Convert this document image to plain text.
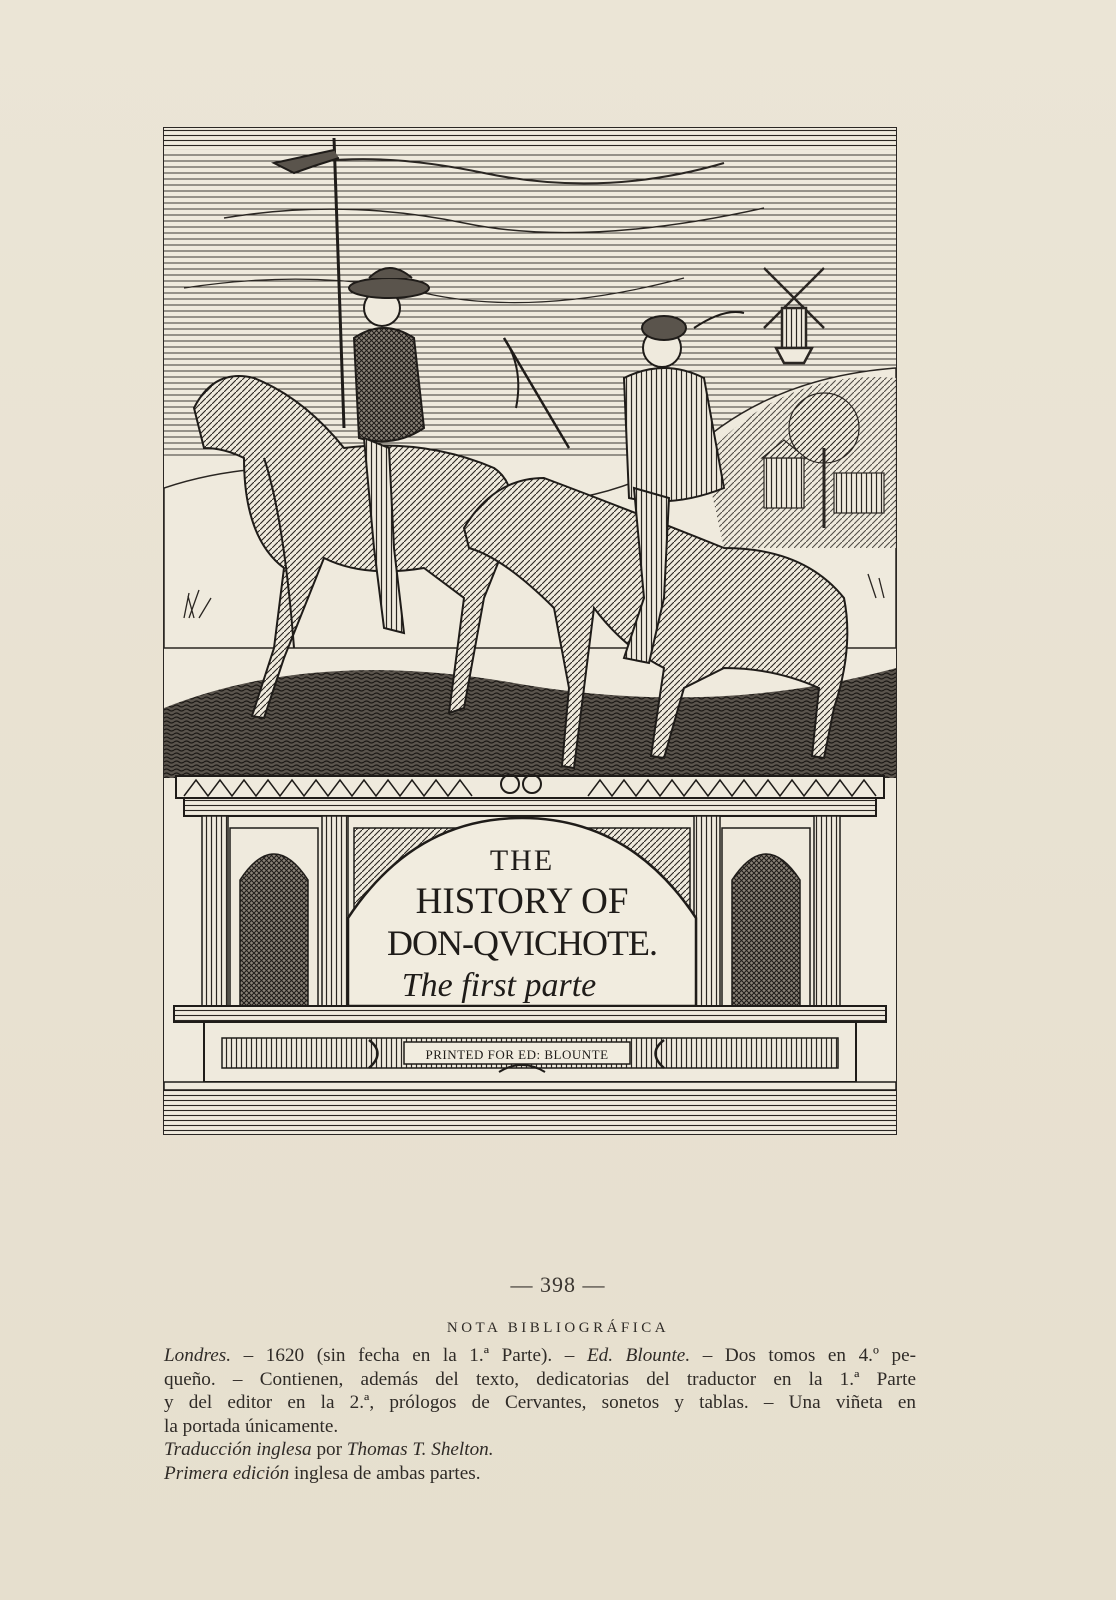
THE
HISTORY OF
DON-QVICHOTE.
The first parte
PRINTED FOR ED: BLOUNTE
— 398 —
NOTA BIBLIOGRÁFICA
Londres. – 1620 (sin fecha en la 1.ª Parte). – Ed. Blounte. – Dos tomos en 4.º pe-
queño. – Contienen, además del texto, dedicatorias del traductor en la 1.ª Parte
y del editor en la 2.ª, prólogos de Cervantes, sonetos y tablas. – Una viñeta en
la portada únicamente.
Traducción inglesa por Thomas T. Shelton.
Primera edición inglesa de ambas partes.
